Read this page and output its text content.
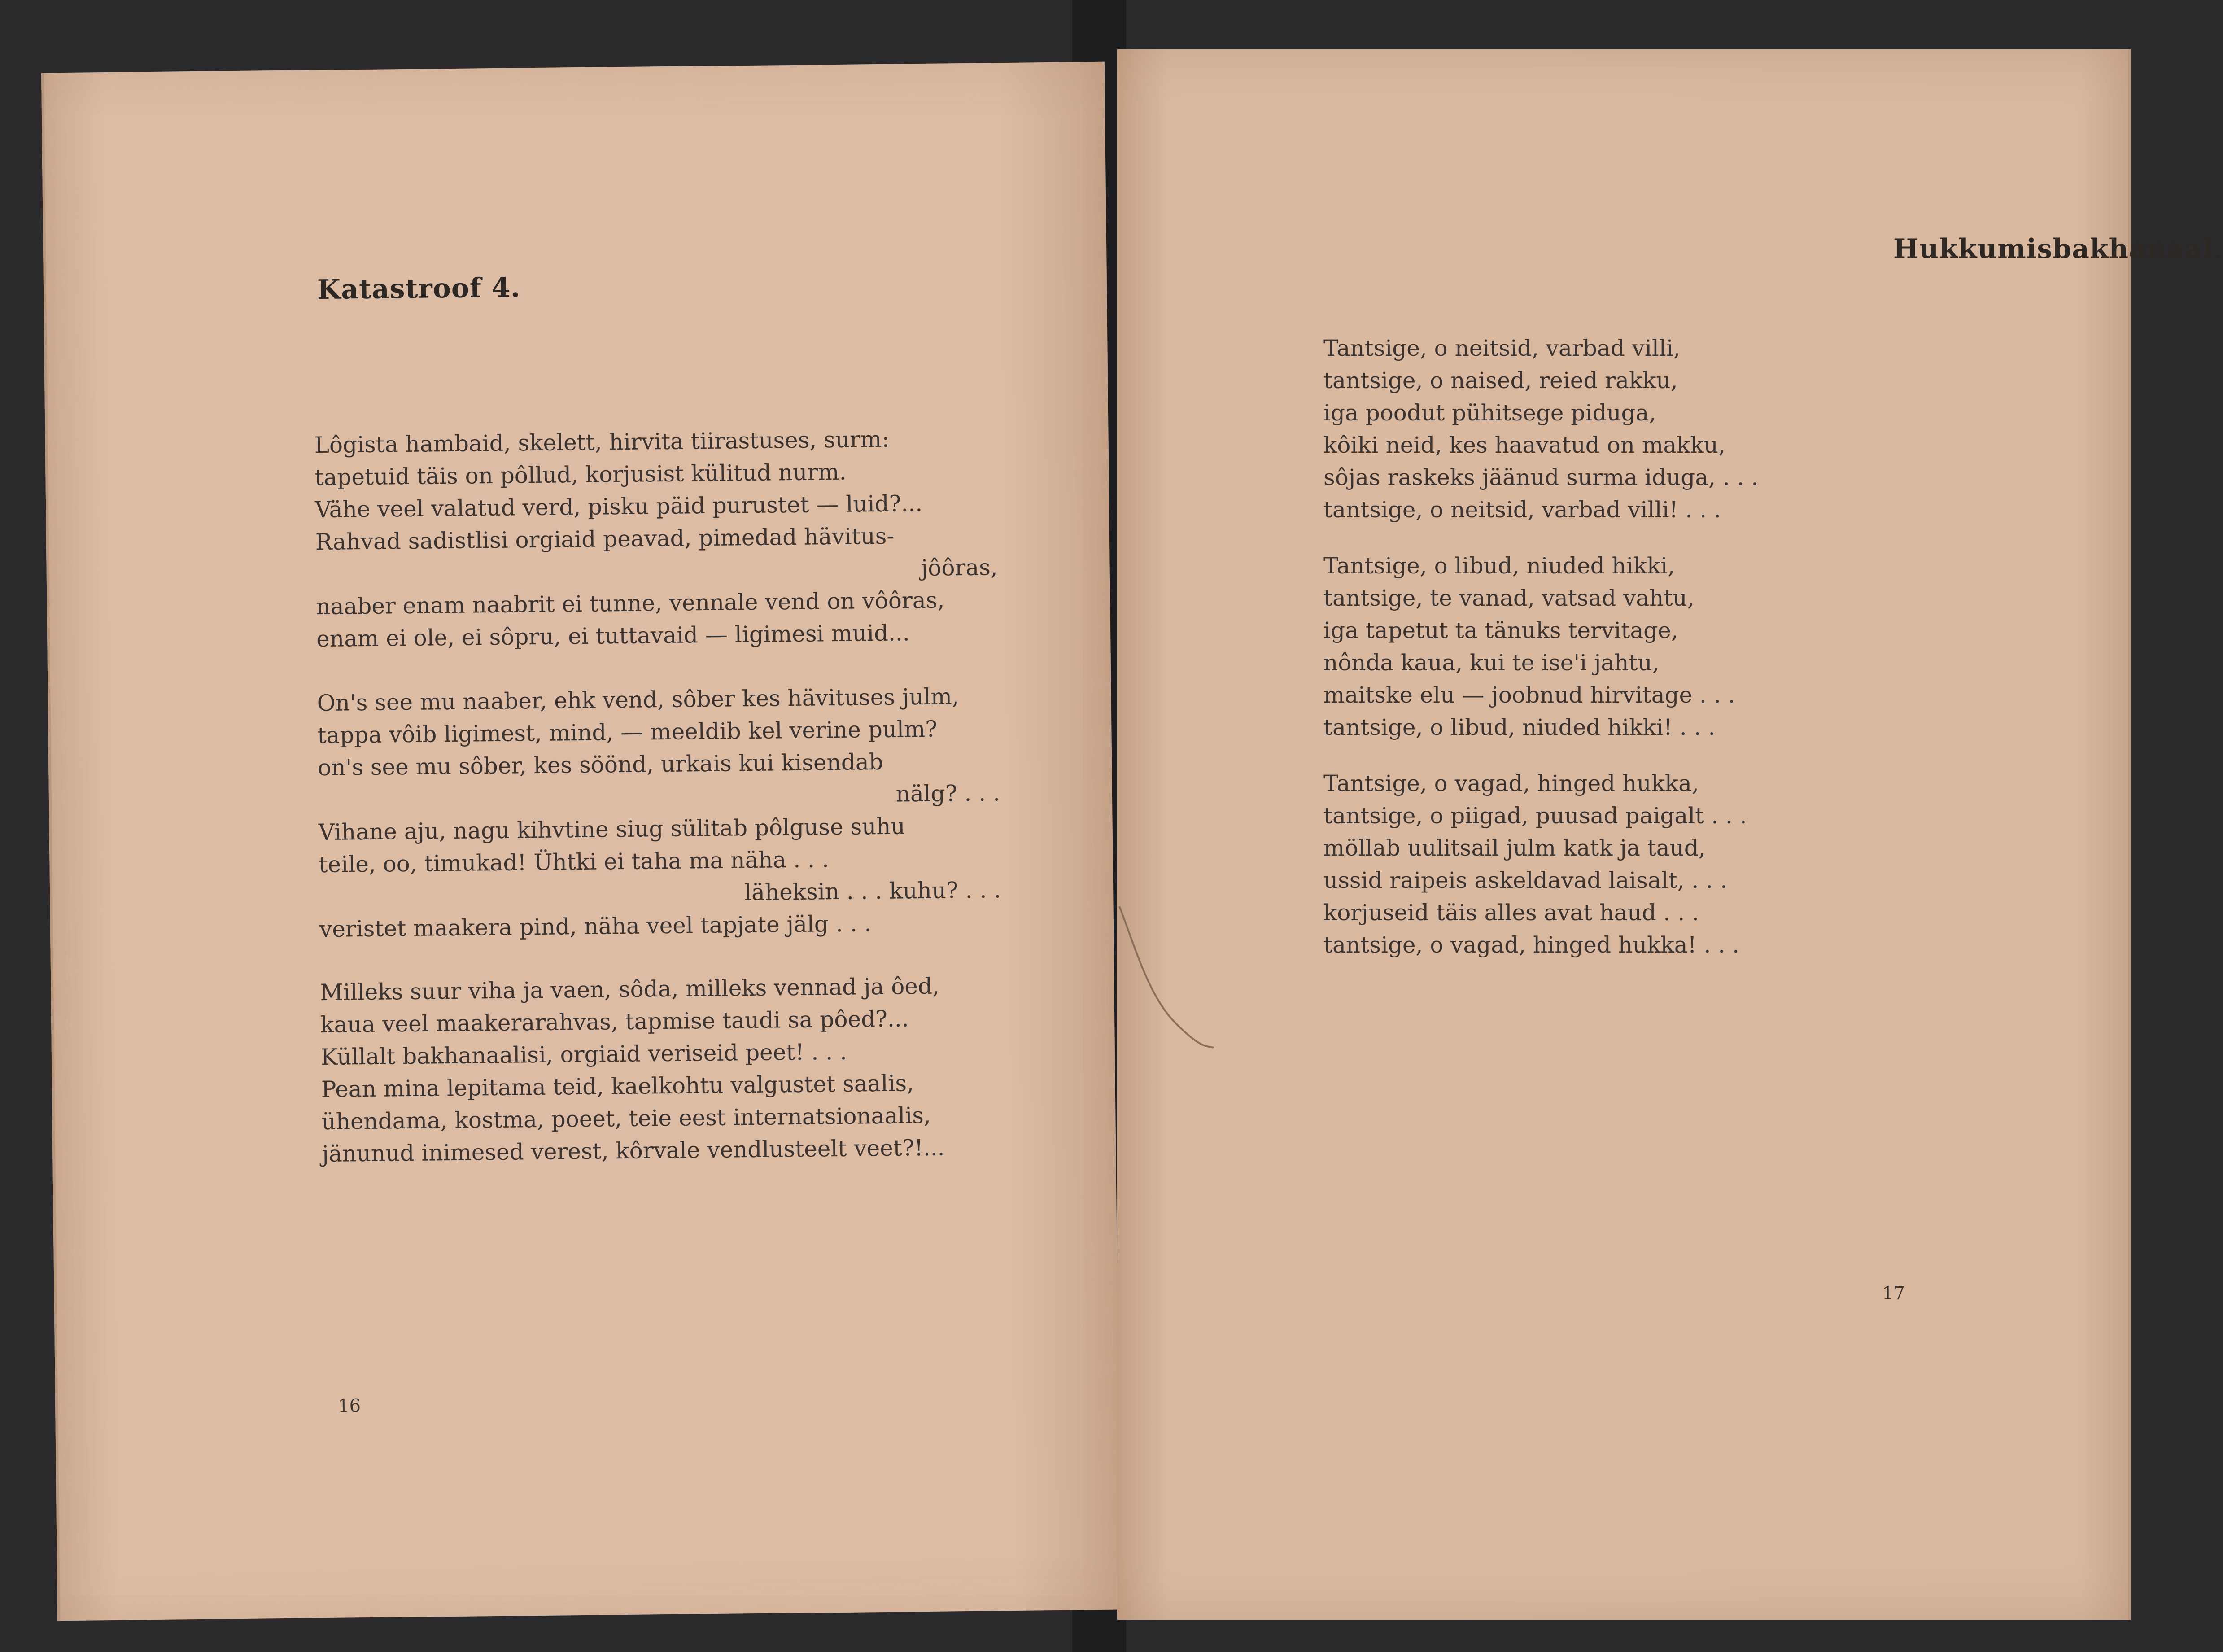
Katastroof 4.
Lôgista hambaid, skelett, hirvita tiirastuses, surm:
tapetuid täis on pôllud, korjusist külitud nurm.
Vähe veel valatud verd, pisku päid purustet — luid?...
Rahvad sadistlisi orgiaid peavad, pimedad hävitus-
jôôras,
naaber enam naabrit ei tunne, vennale vend on vôôras,
enam ei ole, ei sôpru, ei tuttavaid — ligimesi muid...
On's see mu naaber, ehk vend, sôber kes hävituses julm,
tappa vôib ligimest, mind, — meeldib kel verine pulm?
on's see mu sôber, kes söönd, urkais kui kisendab
nälg? . . .
Vihane aju, nagu kihvtine siug sülitab pôlguse suhu
teile, oo, timukad! Ühtki ei taha ma näha . . .
läheksin . . . kuhu? . . .
veristet maakera pind, näha veel tapjate jälg . . .
Milleks suur viha ja vaen, sôda, milleks vennad ja ôed,
kaua veel maakerarahvas, tapmise taudi sa pôed?...
Küllalt bakhanaalisi, orgiaid veriseid peet! . . .
Pean mina lepitama teid, kaelkohtu valgustet saalis,
ühendama, kostma, poeet, teie eest internatsionaalis,
jänunud inimesed verest, kôrvale vendlusteelt veet?!...
16
Hukkumisbakhanaal.
Tantsige, o neitsid, varbad villi,
tantsige, o naised, reied rakku,
iga poodut pühitsege piduga,
kôiki neid, kes haavatud on makku,
sôjas raskeks jäänud surma iduga, . . .
tantsige, o neitsid, varbad villi! . . .
Tantsige, o libud, niuded hikki,
tantsige, te vanad, vatsad vahtu,
iga tapetut ta tänuks tervitage,
nônda kaua, kui te ise'i jahtu,
maitske elu — joobnud hirvitage . . .
tantsige, o libud, niuded hikki! . . .
Tantsige, o vagad, hinged hukka,
tantsige, o piigad, puusad paigalt . . .
möllab uulitsail julm katk ja taud,
ussid raipeis askeldavad laisalt, . . .
korjuseid täis alles avat haud . . .
tantsige, o vagad, hinged hukka! . . .
17
